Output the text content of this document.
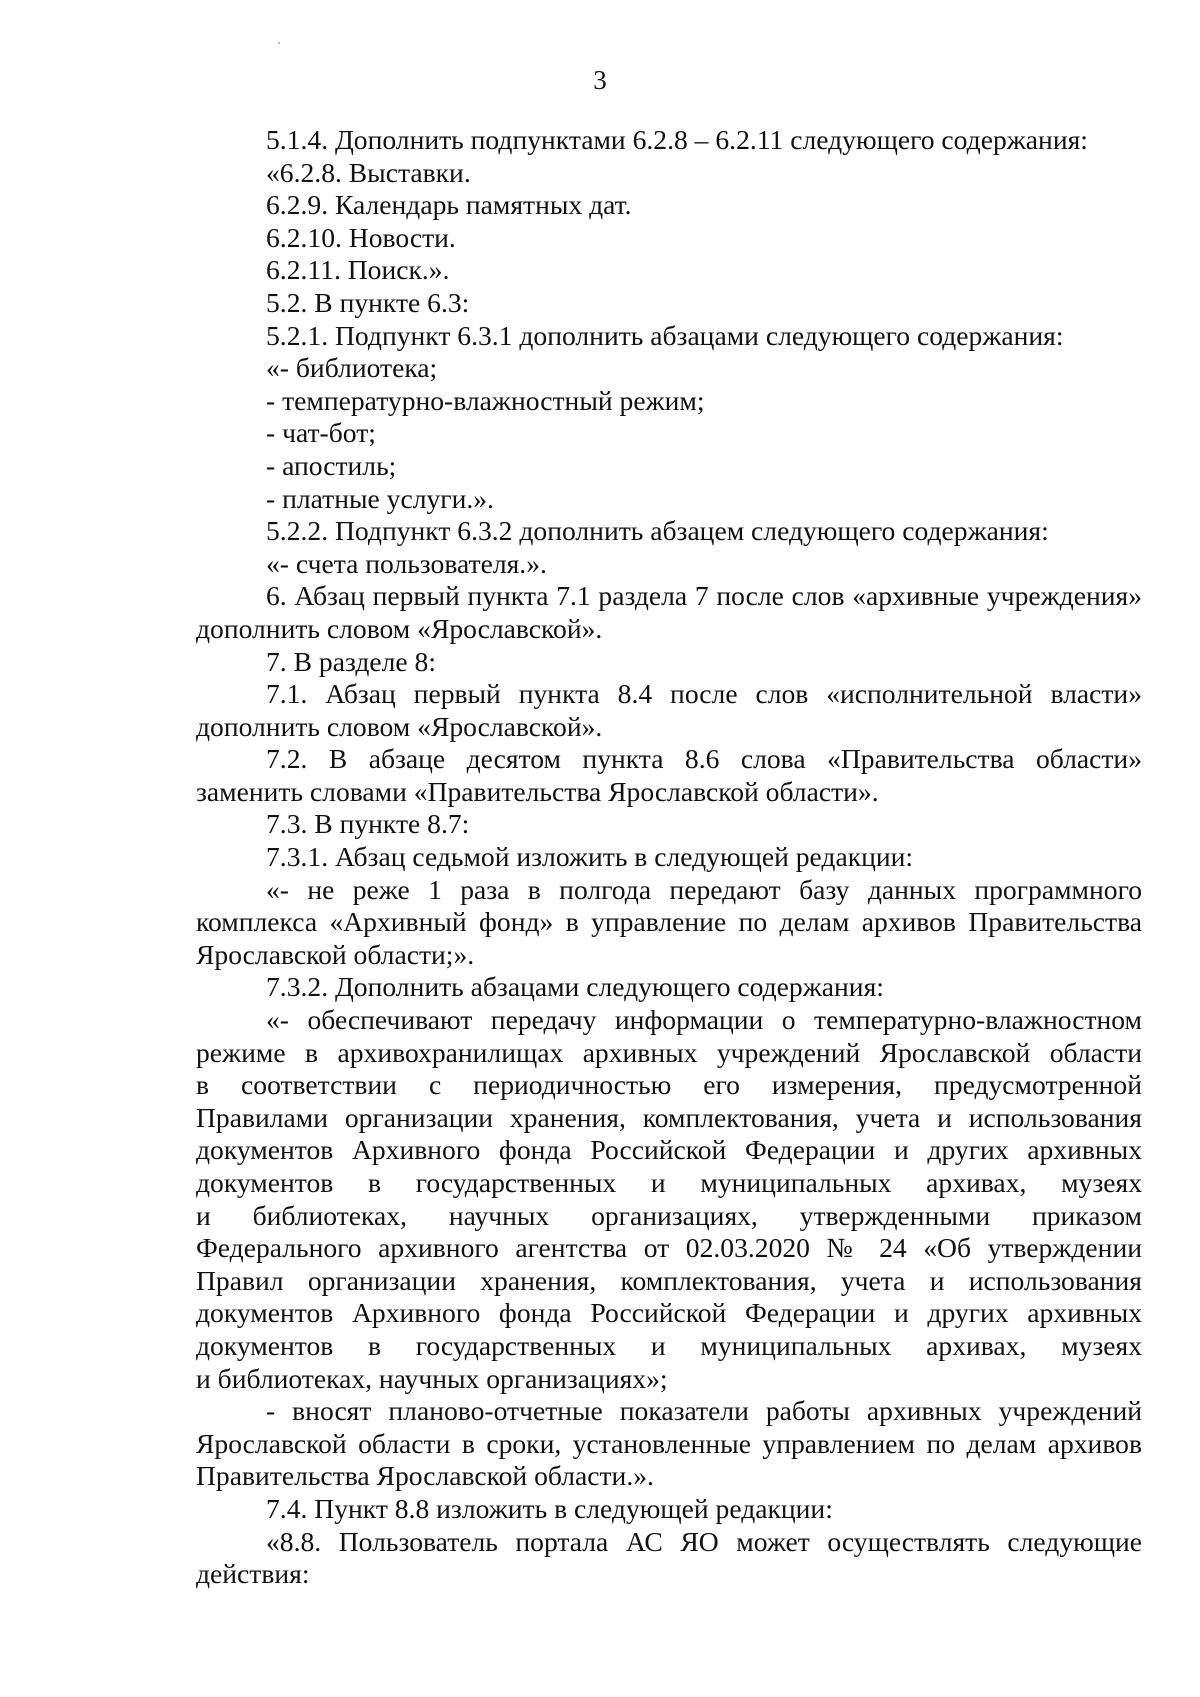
3
5.1.4. Дополнить подпунктами 6.2.8 – 6.2.11 следующего содержания:
«6.2.8. Выставки.
6.2.9. Календарь памятных дат.
6.2.10. Новости.
6.2.11. Поиск.».
5.2. В пункте 6.3:
5.2.1. Подпункт 6.3.1 дополнить абзацами следующего содержания:
«- библиотека;
- температурно-влажностный режим;
- чат-бот;
- апостиль;
- платные услуги.».
5.2.2. Подпункт 6.3.2 дополнить абзацем следующего содержания:
«- счета пользователя.».
6. Абзац первый пункта 7.1 раздела 7 после слов «архивные учреждения»
дополнить словом «Ярославской».
7. В разделе 8:
7.1. Абзац первый пункта 8.4 после слов «исполнительной власти»
дополнить словом «Ярославской».
7.2. В абзаце десятом пункта 8.6 слова «Правительства области»
заменить словами «Правительства Ярославской области».
7.3. В пункте 8.7:
7.3.1. Абзац седьмой изложить в следующей редакции:
«- не реже 1 раза в полгода передают базу данных программного
комплекса «Архивный фонд» в управление по делам архивов Правительства
Ярославской области;».
7.3.2. Дополнить абзацами следующего содержания:
«- обеспечивают передачу информации о температурно-влажностном
режиме в архивохранилищах архивных учреждений Ярославской области
в соответствии с периодичностью его измерения, предусмотренной
Правилами организации хранения, комплектования, учета и использования
документов Архивного фонда Российской Федерации и других архивных
документов в государственных и муниципальных архивах, музеях
и библиотеках, научных организациях, утвержденными приказом
Федерального архивного агентства от 02.03.2020 № 24 «Об утверждении
Правил организации хранения, комплектования, учета и использования
документов Архивного фонда Российской Федерации и других архивных
документов в государственных и муниципальных архивах, музеях
и библиотеках, научных организациях»;
- вносят планово-отчетные показатели работы архивных учреждений
Ярославской области в сроки, установленные управлением по делам архивов
Правительства Ярославской области.».
7.4. Пункт 8.8 изложить в следующей редакции:
«8.8. Пользователь портала АС ЯО может осуществлять следующие
действия:
